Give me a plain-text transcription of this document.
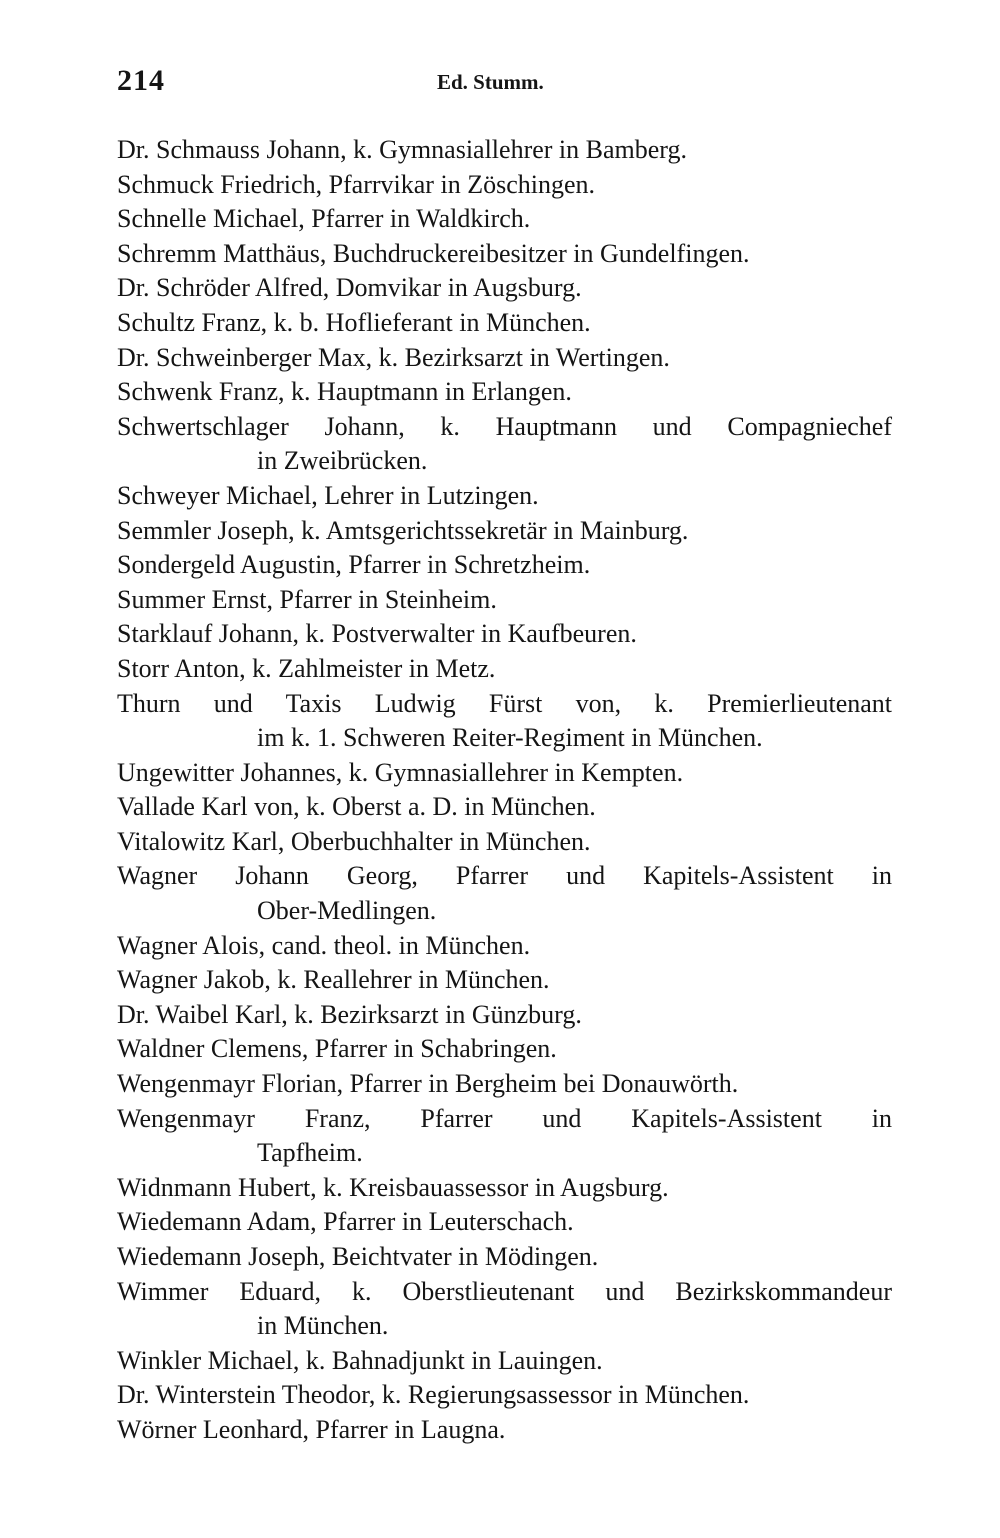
214	Ed. Stumm.
Dr. Schmauss Johann, k. Gymnasiallehrer in Bamberg.
Schmuck Friedrich, Pfarrvikar in Zöschingen.
Schnelle Michael, Pfarrer in Waldkirch.
Schremm Matthäus, Buchdruckereibesitzer in Gundelfingen.
Dr. Schröder Alfred, Domvikar in Augsburg.
Schultz Franz, k. b. Hoflieferant in München.
Dr. Schweinberger Max, k. Bezirksarzt in Wertingen.
Schwenk Franz, k. Hauptmann in Erlangen.
Schwertschlager Johann, k. Hauptmann und Compagniechef
in Zweibrücken.
Schweyer Michael, Lehrer in Lutzingen.
Semmler Joseph, k. Amtsgerichtssekretär in Mainburg.
Sondergeld Augustin, Pfarrer in Schretzheim.
Summer Ernst, Pfarrer in Steinheim.
Starklauf Johann, k. Postverwalter in Kaufbeuren.
Storr Anton, k. Zahlmeister in Metz.
Thurn und Taxis Ludwig Fürst von, k. Premierlieutenant
im k. 1. Schweren Reiter-Regiment in München.
Ungewitter Johannes, k. Gymnasiallehrer in Kempten.
Vallade Karl von, k. Oberst a. D. in München.
Vitalowitz Karl, Oberbuchhalter in München.
Wagner Johann Georg, Pfarrer und Kapitels-Assistent in
Ober-Medlingen.
Wagner Alois, cand. theol. in München.
Wagner Jakob, k. Reallehrer in München.
Dr. Waibel Karl, k. Bezirksarzt in Günzburg.
Waldner Clemens, Pfarrer in Schabringen.
Wengenmayr Florian, Pfarrer in Bergheim bei Donauwörth.
Wengenmayr Franz, Pfarrer und Kapitels-Assistent in
Tapfheim.
Widnmann Hubert, k. Kreisbauassessor in Augsburg.
Wiedemann Adam, Pfarrer in Leuterschach.
Wiedemann Joseph, Beichtvater in Mödingen.
Wimmer Eduard, k. Oberstlieutenant und Bezirkskommandeur
in München.
Winkler Michael, k. Bahnadjunkt in Lauingen.
Dr. Winterstein Theodor, k. Regierungsassessor in München.
Wörner Leonhard, Pfarrer in Laugna.
